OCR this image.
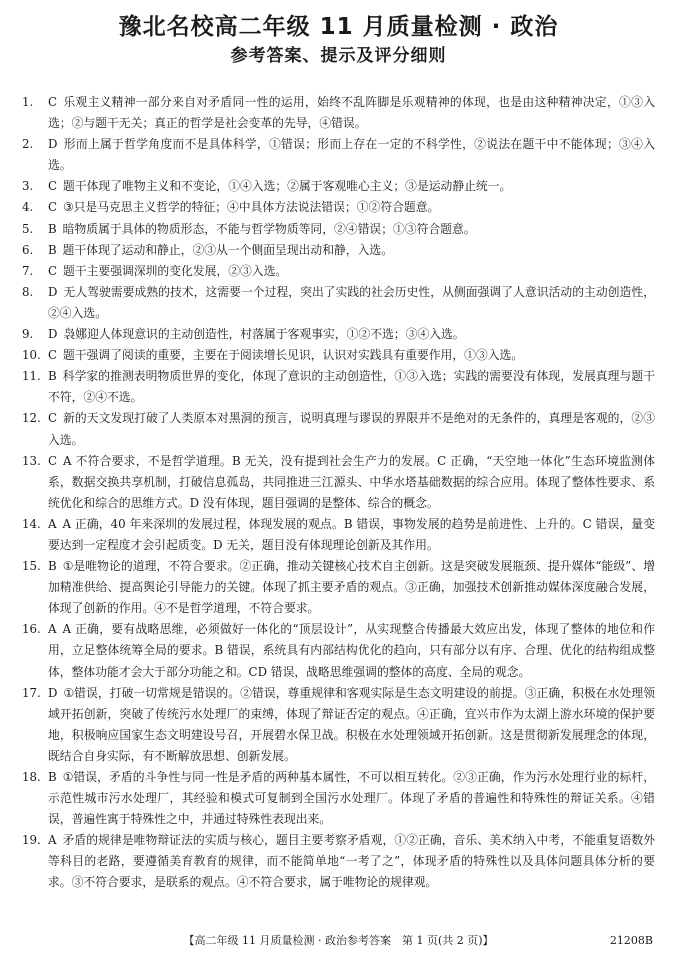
豫北名校高二年级 11 月质量检测 · 政治
参考答案、提示及评分细则

1. C 乐观主义精神一部分来自对矛盾同一性的运用，始终不乱阵脚是乐观精神的体现，也是由这种精神决定，①③入选；②与题干无关；真正的哲学是社会变革的先导，④错误。

2. D 形而上属于哲学角度而不是具体科学，①错误；形而上存在一定的不科学性，②说法在题干中不能体现；③④入选。

3. C 题干体现了唯物主义和不变论，①④入选；②属于客观唯心主义；③是运动静止统一。

4. C ③只是马克思主义哲学的特征；④中具体方法说法错误；①②符合题意。

5. B 暗物质属于具体的物质形态，不能与哲学物质等同，②④错误；①③符合题意。

6. B 题干体现了运动和静止，②③从一个侧面呈现出动和静，入选。

7. C 题干主要强调深圳的变化发展，②③入选。

8. D 无人驾驶需要成熟的技术，这需要一个过程，突出了实践的社会历史性，从侧面强调了人意识活动的主动创造性，②④入选。

9. D 袅娜迎人体现意识的主动创造性，村落属于客观事实，①②不选；③④入选。

10. C 题干强调了阅读的重要，主要在于阅读增长见识，认识对实践具有重要作用，①③入选。

11. B 科学家的推测表明物质世界的变化，体现了意识的主动创造性，①③入选；实践的需要没有体现，发展真理与题干不符，②④不选。

12. C 新的天文发现打破了人类原本对黑洞的预言，说明真理与谬误的界限并不是绝对的无条件的，真理是客观的，②③入选。

13. C A 不符合要求，不是哲学道理。B 无关，没有提到社会生产力的发展。C 正确，“天空地一体化”生态环境监测体系，数据交换共享机制，打破信息孤岛，共同推进三江源头、中华水塔基础数据的综合应用。体现了整体性要求、系统优化和综合的思维方式。D 没有体现，题目强调的是整体、综合的概念。

14. A A 正确，40 年来深圳的发展过程，体现发展的观点。B 错误，事物发展的趋势是前进性、上升的。C 错误，量变要达到一定程度才会引起质变。D 无关，题目没有体现理论创新及其作用。

15. B ①是唯物论的道理，不符合要求。②正确，推动关键核心技术自主创新。这是突破发展瓶颈、提升媒体“能级”、增加精准供给、提高舆论引导能力的关键。体现了抓主要矛盾的观点。③正确，加强技术创新推动媒体深度融合发展，体现了创新的作用。④不是哲学道理，不符合要求。

16. A A 正确，要有战略思维，必须做好一体化的“顶层设计”，从实现整合传播最大效应出发，体现了整体的地位和作用，立足整体统筹全局的要求。B 错误，系统具有内部结构优化的趋向，只有部分以有序、合理、优化的结构组成整体，整体功能才会大于部分功能之和。CD 错误，战略思维强调的整体的高度、全局的观念。

17. D ①错误，打破一切常规是错误的。②错误，尊重规律和客观实际是生态文明建设的前提。③正确，积极在水处理领域开拓创新，突破了传统污水处理厂的束缚，体现了辩证否定的观点。④正确，宜兴市作为太湖上游水环境的保护要地，积极响应国家生态文明建设号召，开展碧水保卫战。积极在水处理领域开拓创新。这是贯彻新发展理念的体现，既结合自身实际，有不断解放思想、创新发展。

18. B ①错误，矛盾的斗争性与同一性是矛盾的两种基本属性，不可以相互转化。②③正确，作为污水处理行业的标杆，示范性城市污水处理厂，其经验和模式可复制到全国污水处理厂。体现了矛盾的普遍性和特殊性的辩证关系。④错误，普遍性寓于特殊性之中，并通过特殊性表现出来。

19. A 矛盾的规律是唯物辩证法的实质与核心，题目主要考察矛盾观，①②正确，音乐、美术纳入中考，不能重复语数外等科目的老路，要遵循美育教育的规律，而不能简单地“一考了之”，体现矛盾的特殊性以及具体问题具体分析的要求。③不符合要求，是联系的观点。④不符合要求，属于唯物论的规律观。

【高二年级 11 月质量检测 · 政治参考答案　第 1 页(共 2 页)】	21208B
